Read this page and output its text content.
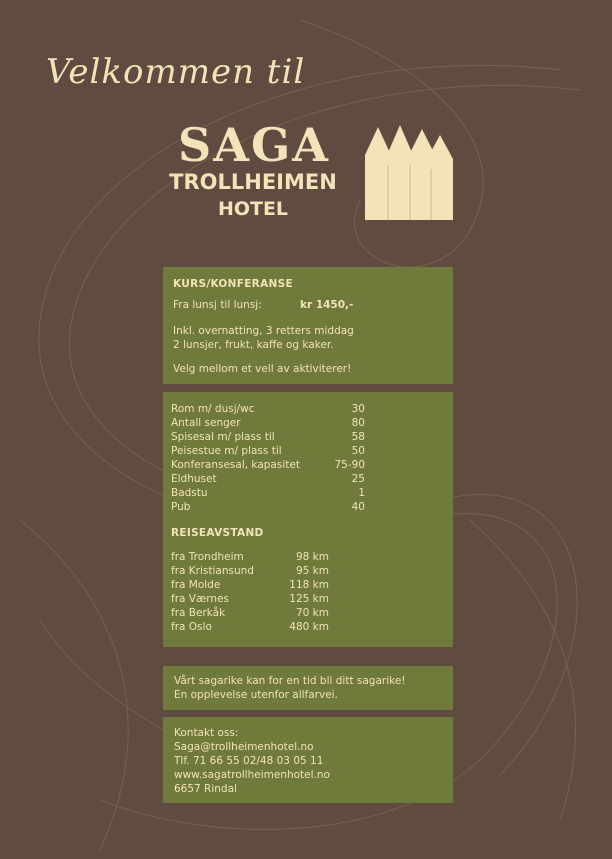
Velkommen til
SAGA
TROLLHEIMEN
HOTEL
KURS/KONFERANSE
Fra lunsj til lunsj:	kr 1450,-
Inkl. overnatting, 3 retters middag
2 lunsjer, frukt, kaffe og kaker.
Velg mellom et vell av aktiviterer!
Rom m/ dusj/wc	30
Antall senger	80
Spisesal m/ plass til	58
Peisestue m/ plass til	50
Konferansesal, kapasitet	75-90
Eldhuset	25
Badstu	1
Pub	40
REISEAVSTAND
fra Trondheim	98 km
fra Kristiansund	95 km
fra Molde	118 km
fra Værnes	125 km
fra Berkåk	70 km
fra Oslo	480 km
Vårt sagarike kan for en tid bli ditt sagarike!
En opplevelse utenfor allfarvei.
Kontakt oss:
Saga@trollheimenhotel.no
Tlf. 71 66 55 02/48 03 05 11
www.sagatrollheimenhotel.no
6657 Rindal
